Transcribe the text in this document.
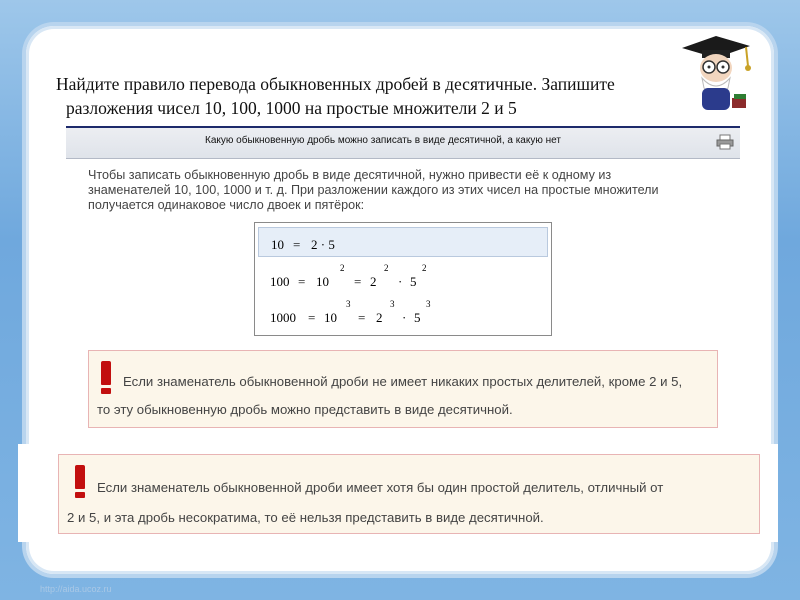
Найдите правило перевода обыкновенных дробей в десятичные. Запишите
разложения чисел 10, 100, 1000 на простые множители 2 и 5
Какую обыкновенную дробь можно записать в виде десятичной, а какую нет
Чтобы записать обыкновенную дробь в виде десятичной, нужно привести её к одному из
знаменателей 10, 100, 1000 и т. д. При разложении каждого из этих чисел на простые множители
получается одинаковое число двоек и пятёрок:
10 = 2 · 5
100 = 10
2
= 2
2
· 5
2
1000 = 10
3
= 2
3
· 5
3
Если знаменатель обыкновенной дроби не имеет никаких простых делителей, кроме 2 и 5,
то эту обыкновенную дробь можно представить в виде десятичной.
Если знаменатель обыкновенной дроби имеет хотя бы один простой делитель, отличный от
2 и 5, и эта дробь несократима, то её нельзя представить в виде десятичной.
http://aida.ucoz.ru
